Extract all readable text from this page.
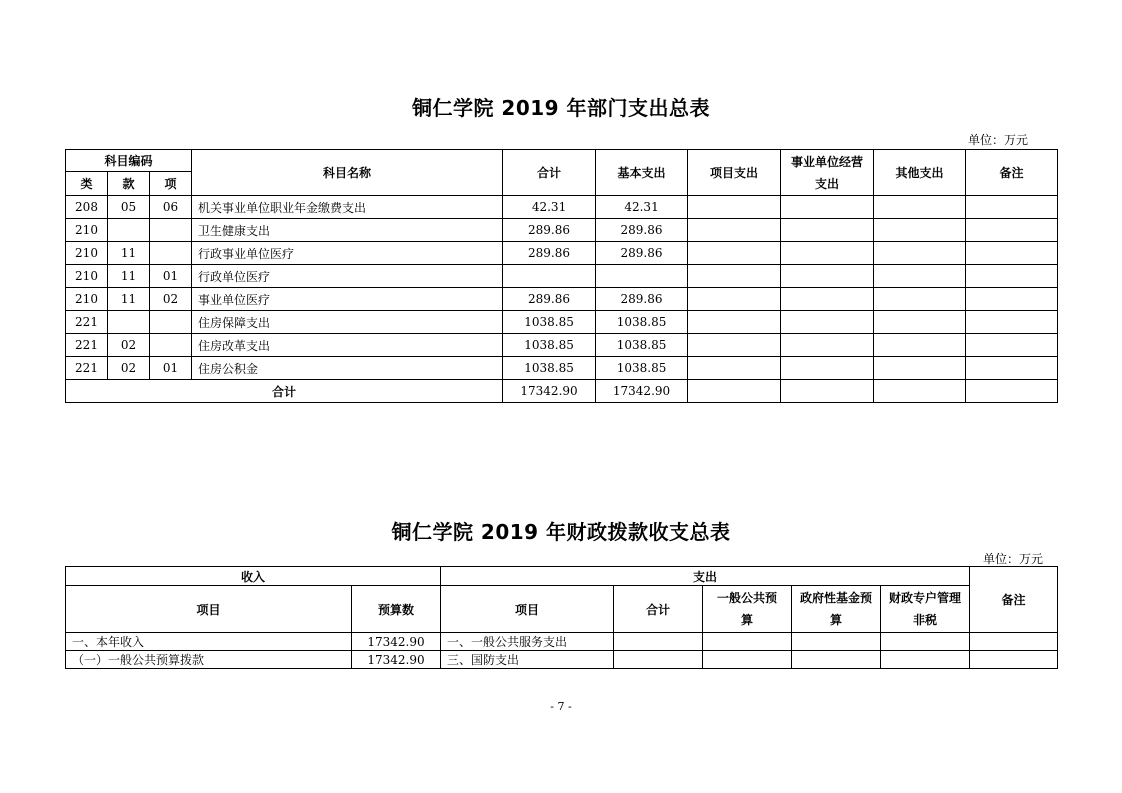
铜仁学院 2019 年部门支出总表
单位：万元
科目编码			科目名称	合计	基本支出	项目支出	事业单位经营支出	其他支出	备注
类	款	项							
208	05	06	机关事业单位职业年金缴费支出	42.31	42.31				
210			卫生健康支出	289.86	289.86				
210	11		行政事业单位医疗	289.86	289.86				
210	11	01	行政单位医疗						
210	11	02	事业单位医疗	289.86	289.86				
221			住房保障支出	1038.85	1038.85				
221	02		住房改革支出	1038.85	1038.85				
221	02	01	住房公积金	1038.85	1038.85				
合计				17342.90	17342.90				
铜仁学院 2019 年财政拨款收支总表
单位：万元
收入		支出					备注
项目	预算数	项目	合计	一般公共预算	政府性基金预算	财政专户管理非税	
一、本年收入	17342.90	一、一般公共服务支出					
（一）一般公共预算拨款	17342.90	三、国防支出					
- 7 -
